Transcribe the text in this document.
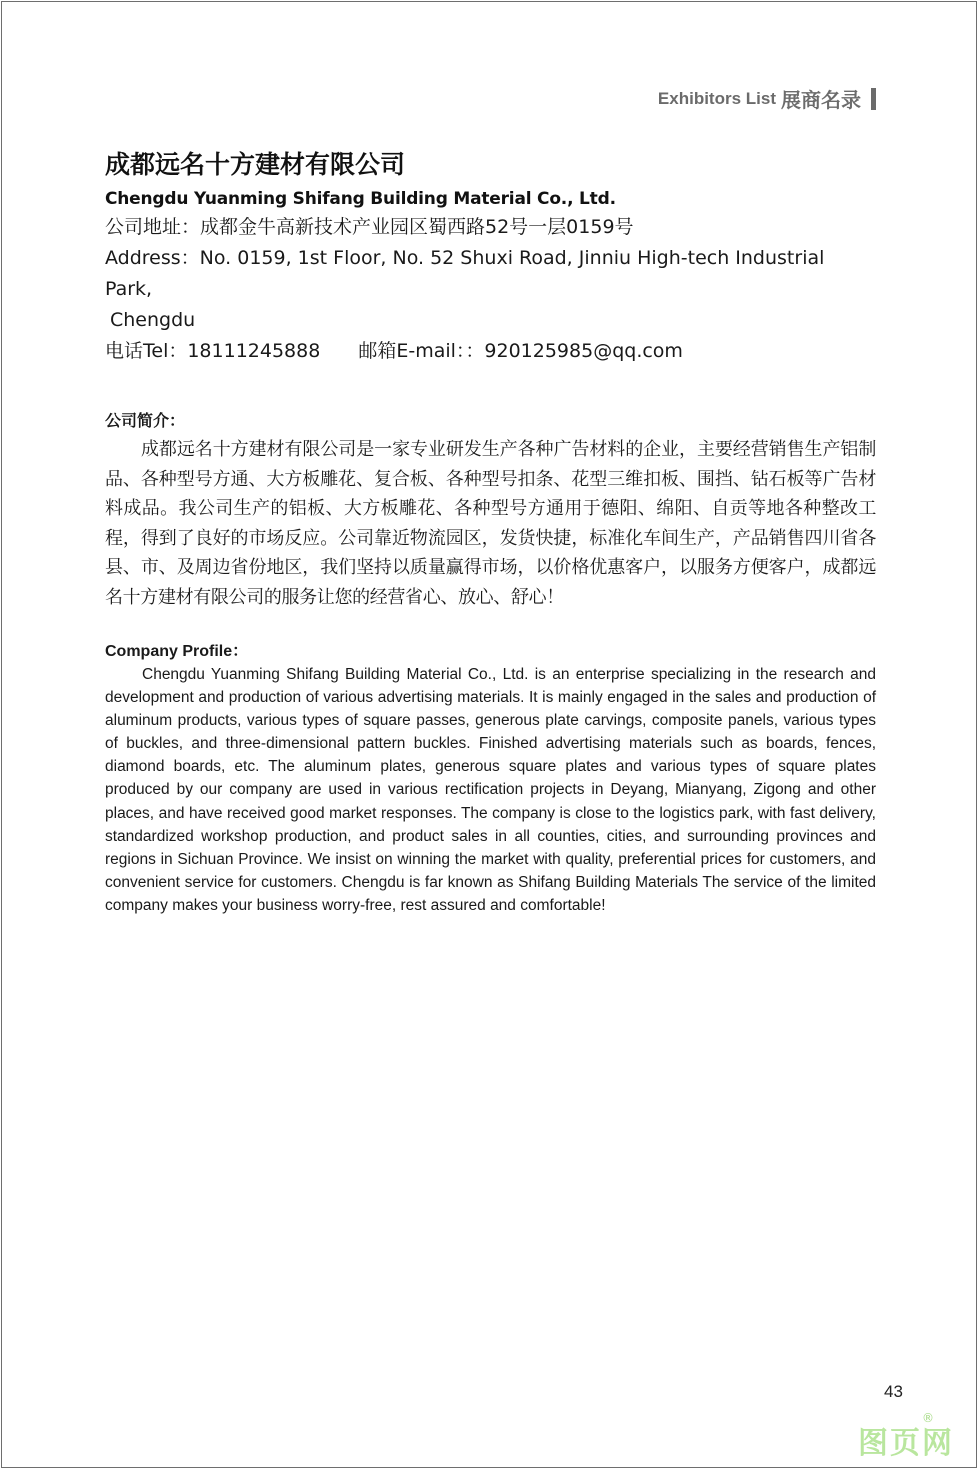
Exhibitors List 展商名录
成都远名十方建材有限公司
Chengdu Yuanming Shifang Building Material Co., Ltd.

公司地址：成都金牛高新技术产业园区蜀西路52号一层0159号

Address：No. 0159, 1st Floor, No. 52 Shuxi Road, Jinniu High-tech Industrial Park,

Chengdu

电话Tel：18111245888 邮箱E-mail：：920125985@qq.com
公司简介：

成都远名十方建材有限公司是一家专业研发生产各种广告材料的企业，主要经营销售生产铝制品、各种型号方通、大方板雕花、复合板、各种型号扣条、花型三维扣板、围挡、钻石板等广告材料成品。我公司生产的铝板、大方板雕花、各种型号方通用于德阳、绵阳、自贡等地各种整改工程，得到了良好的市场反应。公司靠近物流园区，发货快捷，标准化车间生产，产品销售四川省各县、市、及周边省份地区，我们坚持以质量赢得市场，以价格优惠客户，以服务方便客户，成都远名十方建材有限公司的服务让您的经营省心、放心、舒心！

Company Profile：

Chengdu Yuanming Shifang Building Material Co., Ltd. is an enterprise specializing in the research and development and production of various advertising materials. It is mainly engaged in the sales and production of aluminum products, various types of square passes, generous plate carvings, composite panels, various types of buckles, and three-dimensional pattern buckles. Finished advertising materials such as boards, fences, diamond boards, etc. The aluminum plates, generous square plates and various types of square plates produced by our company are used in various rectification projects in Deyang, Mianyang, Zigong and other places, and have received good market responses. The company is close to the logistics park, with fast delivery, standardized workshop production, and product sales in all counties, cities, and surrounding provinces and regions in Sichuan Province. We insist on winning the market with quality, preferential prices for customers, and convenient service for customers. Chengdu is far known as Shifang Building Materials The service of the limited company makes your business worry-free, rest assured and comfortable!

43
图页网
®
